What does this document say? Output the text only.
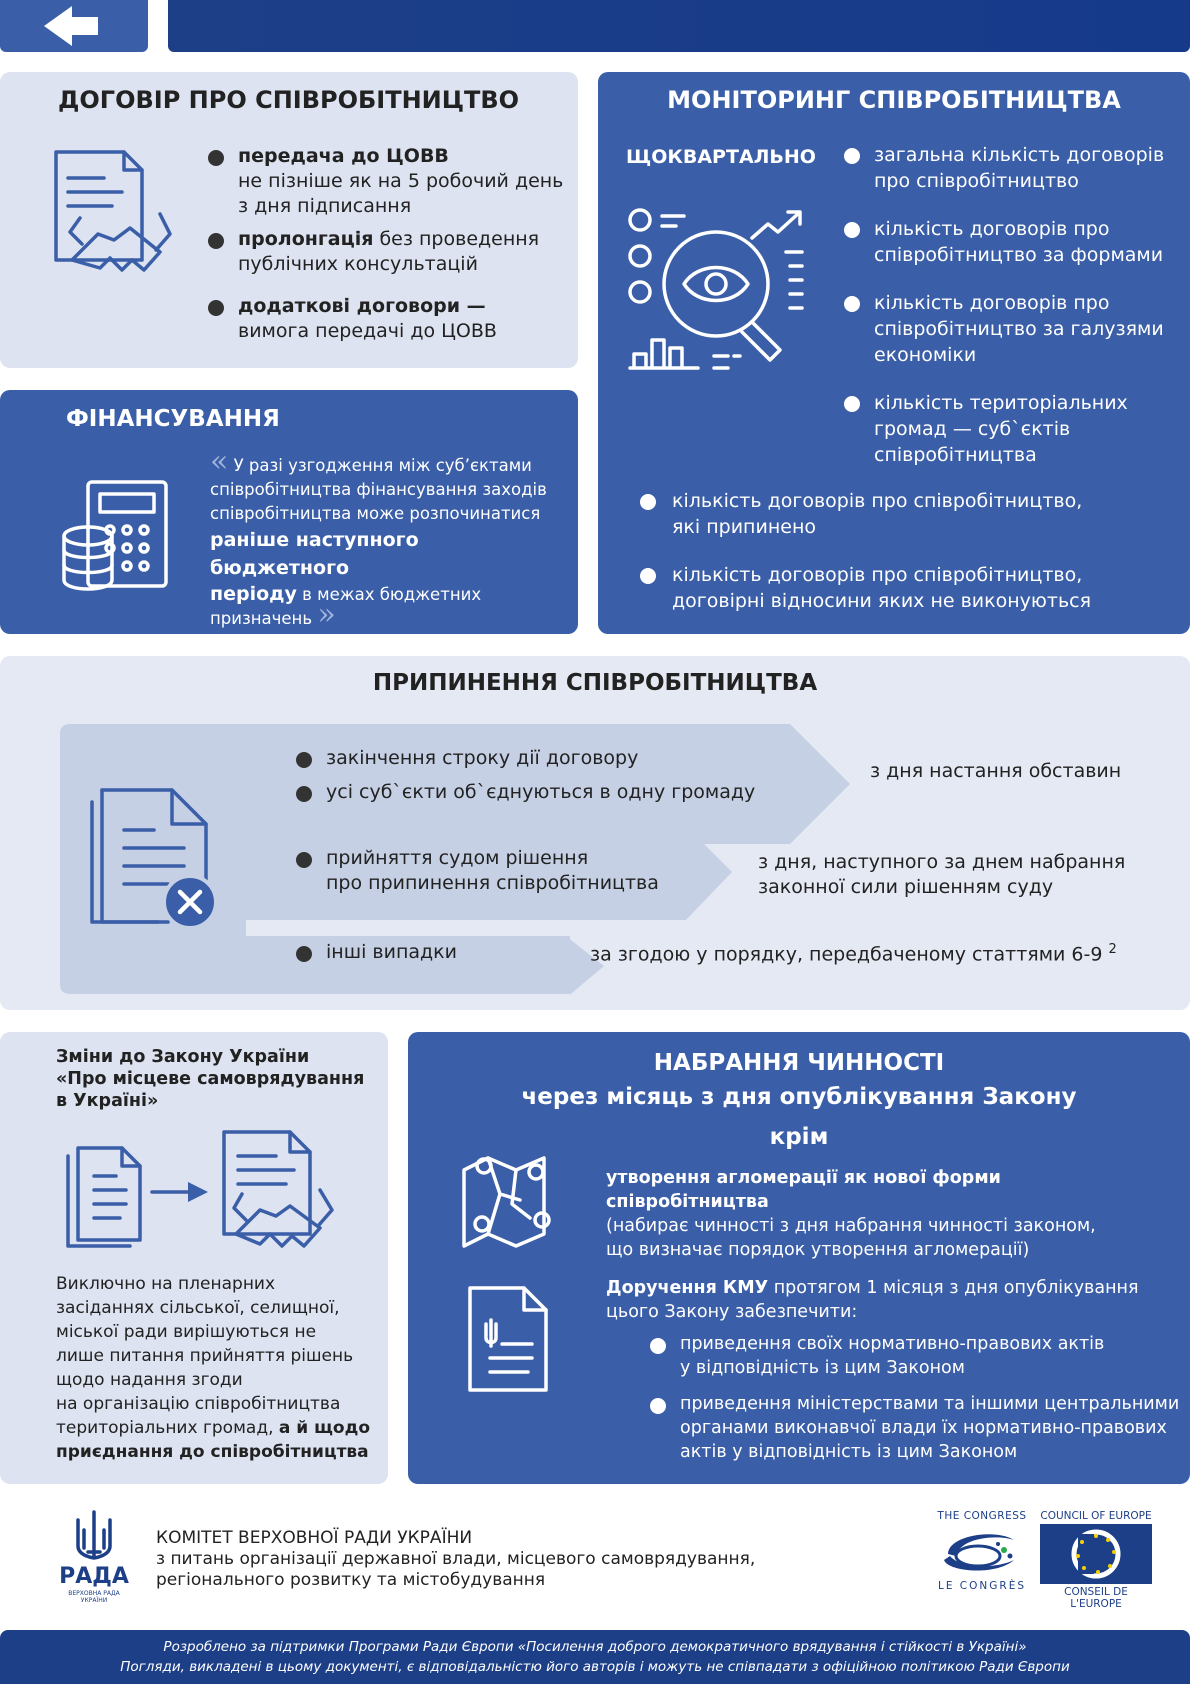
ДОГОВІР ПРО СПІВРОБІТНИЦТВО
передача до ЦОВВ
не пізніше як на 5 робочий день
з дня підписання
пролонгація без проведення
публічних консультацій
додаткові договори —
вимога передачі до ЦОВВ
ФІНАНСУВАННЯ
« У разі узгодження між суб’єктами
співробітництва фінансування заходів
співробітництва може розпочинатися
раніше наступного бюджетного
періоду в межах бюджетних
призначень »
МОНІТОРИНГ СПІВРОБІТНИЦТВА
ЩОКВАРТАЛЬНО	загальна кількість договорів
про співробітництво
кількість договорів про
співробітництво за формами
кількість договорів про
співробітництво за галузями
економіки
кількість територіальних
громад — суб`єктів
співробітництва
кількість договорів про співробітництво,
які припинено
кількість договорів про співробітництво,
договірні відносини яких не виконуються
ПРИПИНЕННЯ СПІВРОБІТНИЦТВА
закінчення строку дії договору
усі суб`єкти об`єднуються в одну громаду
з дня настання обставин
прийняття судом рішення
про припинення співробітництва
з дня, наступного за днем набрання
законної сили рішенням суду
інші випадки	за згодою у порядку, передбаченому статтями 6-9 $^2$
Зміни до Закону України
«Про місцеве самоврядування
в Україні»
Виключно на пленарних
засіданнях сільської, селищної,
міської ради вирішуються не
лише питання прийняття рішень
щодо надання згоди
на організацію співробітництва
територіальних громад, а й щодо
приєднання до співробітництва
НАБРАННЯ ЧИННОСТІ
через місяць з дня опублікування Закону
крім
утворення агломерації як нової форми співробітництва
(набирає чинності з дня набрання чинності законом,
що визначає порядок утворення агломерації)
Доручення КМУ протягом 1 місяця з дня опублікування
цього Закону забезпечити:
приведення своїх нормативно-правових актів
у відповідність із цим Законом
приведення міністерствами та іншими центральними
органами виконавчої влади їх нормативно-правових
актів у відповідність із цим Законом
РАДА
ВЕРХОВНА РАДА
УКРАЇНИ
КОМІТЕТ ВЕРХОВНОЇ РАДИ УКРАЇНИ
з питань організації державної влади, місцевого самоврядування,
регіонального розвитку та містобудування
THE CONGRESS
LE CONGRÈS
COUNCIL OF EUROPE
CONSEIL DE L'EUROPE
Розроблено за підтримки Програми Ради Європи «Посилення доброго демократичного врядування і стійкості в Україні»
Погляди, викладені в цьому документі, є відповідальністю його авторів і можуть не співпадати з офіційною політикою Ради Європи
